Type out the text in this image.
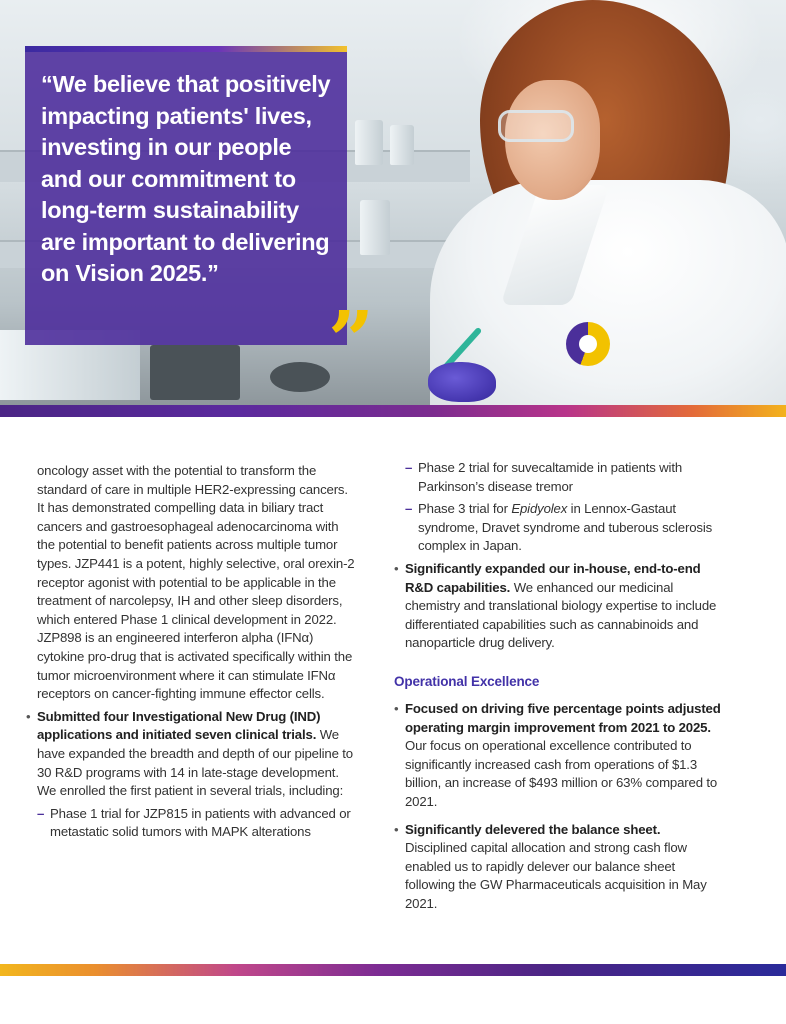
“We believe that positively impacting patients' lives, investing in our people and our commitment to long-term sustainability are important to delivering on Vision 2025.”

”

oncology asset with the potential to transform the standard of care in multiple HER2-expressing cancers. It has demonstrated compelling data in biliary tract cancers and gastroesophageal adenocarcinoma with the potential to benefit patients across multiple tumor types. JZP441 is a potent, highly selective, oral orexin-2 receptor agonist with potential to be applicable in the treatment of narcolepsy, IH and other sleep disorders, which entered Phase 1 clinical development in 2022. JZP898 is an engineered interferon alpha (IFNα) cytokine pro-drug that is activated specifically within the tumor microenvironment where it can stimulate IFNα receptors on cancer-fighting immune effector cells.

• Submitted four Investigational New Drug (IND) applications and initiated seven clinical trials. We have expanded the breadth and depth of our pipeline to 30 R&D programs with 14 in late-stage development. We enrolled the first patient in several trials, including:

– Phase 1 trial for JZP815 in patients with advanced or metastatic solid tumors with MAPK alterations

– Phase 2 trial for suvecaltamide in patients with Parkinson’s disease tremor

– Phase 3 trial for Epidyolex in Lennox-Gastaut syndrome, Dravet syndrome and tuberous sclerosis complex in Japan.

• Significantly expanded our in-house, end-to-end R&D capabilities. We enhanced our medicinal chemistry and translational biology expertise to include differentiated capabilities such as cannabinoids and nanoparticle drug delivery.

Operational Excellence

• Focused on driving five percentage points adjusted operating margin improvement from 2021 to 2025. Our focus on operational excellence contributed to significantly increased cash from operations of $1.3 billion, an increase of $493 million or 63% compared to 2021.

• Significantly delevered the balance sheet. Disciplined capital allocation and strong cash flow enabled us to rapidly delever our balance sheet following the GW Pharmaceuticals acquisition in May 2021.
